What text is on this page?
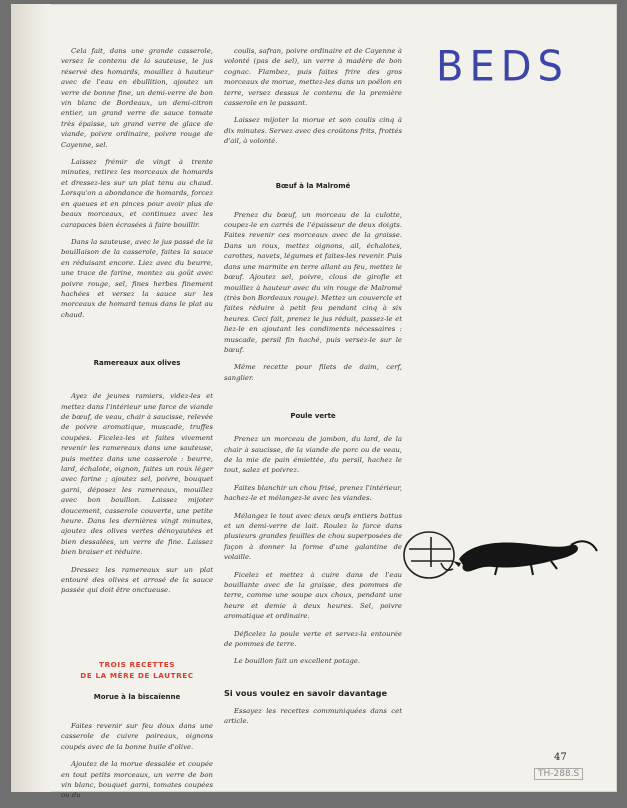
BEDS

Cela fait, dans une grande casserole, versez le contenu de la sauteuse, le jus réservé des homards, mouillez à hauteur avec de l'eau en ébullition, ajoutez un verre de bonne fine, un demi-verre de bon vin blanc de Bordeaux, un demi-citron entier, un grand verre de sauce tomate très épaisse, un grand verre de glace de viande, poivre ordinaire, poivre rouge de Cayenne, sel.

Laissez frémir de vingt à trente minutes, retirez les morceaux de homards et dressez-les sur un plat tenu au chaud. Lorsqu'on a abondance de homards, forcez en queues et en pinces pour avoir plus de beaux morceaux, et continuez avec les carapaces bien écrasées à faire bouillir.

Dans la sauteuse, avec le jus passé de la bouillaison de la casserole, faites la sauce en réduisant encore. Liez avec du beurre, une trace de farine, montez au goût avec poivre rouge, sel, fines herbes finement hachées et versez la sauce sur les morceaux de homard tenus dans le plat au chaud.

Ramereaux aux olives

Ayez de jeunes ramiers, videz-les et mettez dans l'intérieur une farce de viande de bœuf, de veau, chair à saucisse, relevée de poivre aromatique, muscade, truffes coupées. Ficelez-les et faites vivement revenir les ramereaux dans une sauteuse, puis mettez dans une casserole : beurre, lard, échalote, oignon, faites un roux léger avec farine ; ajoutez sel, poivre, bouquet garni, déposez les ramereaux, mouillez avec bon bouillon. Laissez mijoter doucement, casserole couverte, une petite heure. Dans les dernières vingt minutes, ajoutez des olives vertes dénoyautées et bien dessalées, un verre de fine. Laissez bien braiser et réduire.

Dressez les ramereaux sur un plat entouré des olives et arrosé de la sauce passée qui doit être onctueuse.

TROIS RECETTES
DE LA MÈRE DE LAUTREC
Morue à la biscaïenne

Faites revenir sur feu doux dans une casserole de cuivre poireaux, oignons coupés avec de la bonne huile d'olive.

Ajoutez de la morue dessalée et coupée en tout petits morceaux, un verre de bon vin blanc, bouquet garni, tomates coupées ou du

coulis, safran, poivre ordinaire et de Cayenne à volonté (pas de sel), un verre à madère de bon cognac. Flambez, puis faites frire des gros morceaux de morue, mettez-les dans un poêlon en terre, versez dessus le contenu de la première casserole en le passant.

Laissez mijoter la morue et son coulis cinq à dix minutes. Servez avec des croûtons frits, frottés d'ail, à volonté.

Bœuf à la Malromé

Prenez du bœuf, un morceau de la culotte, coupez-le en carrés de l'épaisseur de deux doigts. Faites revenir ces morceaux avec de la graisse. Dans un roux, mettez oignons, ail, échalotes, carottes, navets, légumes et faites-les revenir. Puis dans une marmite en terre allant au feu, mettez le bœuf. Ajoutez sel, poivre, clous de girofle et mouillez à hauteur avec du vin rouge de Malromé (très bon Bordeaux rouge). Mettez un couvercle et faites réduire à petit feu pendant cinq à six heures. Ceci fait, prenez le jus réduit, passez-le et liez-le en ajoutant les condiments nécessaires : muscade, persil fin haché, puis versez-le sur le bœuf.

Même recette pour filets de daim, cerf, sanglier.

Poule verte

Prenez un morceau de jambon, du lard, de la chair à saucisse, de la viande de porc ou de veau, de la mie de pain émiettée, du persil, hachez le tout, salez et poivrez.

Faites blanchir un chou frisé, prenez l'intérieur, hachez-le et mélangez-le avec les viandes.

Mélangez le tout avec deux œufs entiers battus et un demi-verre de lait. Roulez la farce dans plusieurs grandes feuilles de chou superposées de façon à donner la forme d'une galantine de volaille.

Ficelez et mettez à cuire dans de l'eau bouillante avec de la graisse, des pommes de terre, comme une soupe aux choux, pendant une heure et demie à deux heures. Sel, poivre aromatique et ordinaire.

Déficelez la poule verte et servez-la entourée de pommes de terre.

Le bouillon fait un excellent potage.

Si vous voulez en savoir davantage

Essayez les recettes communiquées dans cet article.

47
TH-288.S
